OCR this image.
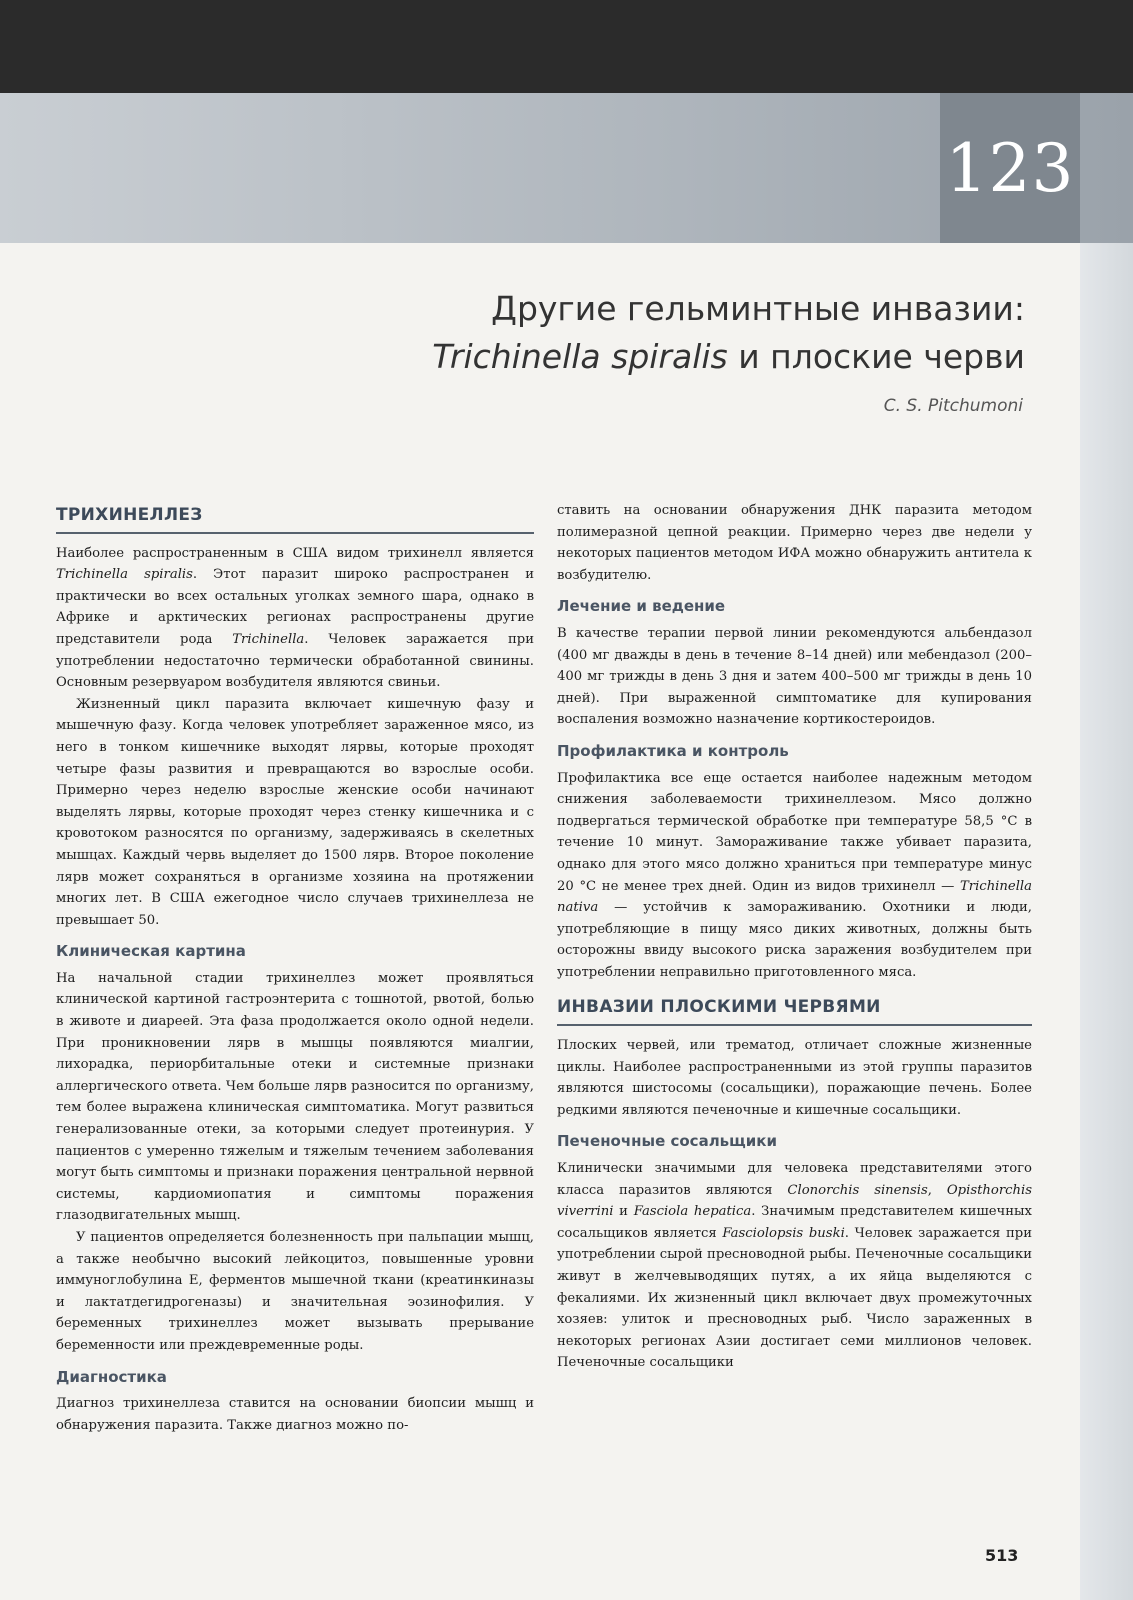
123
Другие гельминтные инвазии:
Trichinella spiralis и плоские черви
C. S. Pitchumoni
ТРИХИНЕЛЛЕЗ

Наиболее распространенным в США видом трихинелл является Trichinella spiralis. Этот паразит широко распространен и практически во всех остальных уголках земного шара, однако в Африке и арктических регионах распространены другие представители рода Trichinella. Человек заражается при употреблении недостаточно термически обработанной свинины. Основным резервуаром возбудителя являются свиньи.

Жизненный цикл паразита включает кишечную фазу и мышечную фазу. Когда человек употребляет зараженное мясо, из него в тонком кишечнике выходят лярвы, которые проходят четыре фазы развития и превращаются во взрослые особи. Примерно через неделю взрослые женские особи начинают выделять лярвы, которые проходят через стенку кишечника и с кровотоком разносятся по организму, задерживаясь в скелетных мышцах. Каждый червь выделяет до 1500 лярв. Второе поколение лярв может сохраняться в организме хозяина на протяжении многих лет. В США ежегодное число случаев трихинеллеза не превышает 50.

Клиническая картина

На начальной стадии трихинеллез может проявляться клинической картиной гастроэнтерита с тошнотой, рвотой, болью в животе и диареей. Эта фаза продолжается около одной недели. При проникновении лярв в мышцы появляются миалгии, лихорадка, периорбитальные отеки и системные признаки аллергического ответа. Чем больше лярв разносится по организму, тем более выражена клиническая симптоматика. Могут развиться генерализованные отеки, за которыми следует протеинурия. У пациентов с умеренно тяжелым и тяжелым течением заболевания могут быть симптомы и признаки поражения центральной нервной системы, кардиомиопатия и симптомы поражения глазодвигательных мышц.

У пациентов определяется болезненность при пальпации мышц, а также необычно высокий лейкоцитоз, повышенные уровни иммуноглобулина E, ферментов мышечной ткани (креатинкиназы и лактатдегидрогеназы) и значительная эозинофилия. У беременных трихинеллез может вызывать прерывание беременности или преждевременные роды.

Диагностика

Диагноз трихинеллеза ставится на основании биопсии мышц и обнаружения паразита. Также диагноз можно по-

ставить на основании обнаружения ДНК паразита методом полимеразной цепной реакции. Примерно через две недели у некоторых пациентов методом ИФА можно обнаружить антитела к возбудителю.

Лечение и ведение

В качестве терапии первой линии рекомендуются альбендазол (400 мг дважды в день в течение 8–14 дней) или мебендазол (200–400 мг трижды в день 3 дня и затем 400–500 мг трижды в день 10 дней). При выраженной симптоматике для купирования воспаления возможно назначение кортикостероидов.

Профилактика и контроль

Профилактика все еще остается наиболее надежным методом снижения заболеваемости трихинеллезом. Мясо должно подвергаться термической обработке при температуре 58,5 °C в течение 10 минут. Замораживание также убивает паразита, однако для этого мясо должно храниться при температуре минус 20 °C не менее трех дней. Один из видов трихинелл — Trichinella nativa — устойчив к замораживанию. Охотники и люди, употребляющие в пищу мясо диких животных, должны быть осторожны ввиду высокого риска заражения возбудителем при употреблении неправильно приготовленного мяса.

ИНВАЗИИ ПЛОСКИМИ ЧЕРВЯМИ

Плоских червей, или трематод, отличает сложные жизненные циклы. Наиболее распространенными из этой группы паразитов являются шистосомы (сосальщики), поражающие печень. Более редкими являются печеночные и кишечные сосальщики.

Печеночные сосальщики

Клинически значимыми для человека представителями этого класса паразитов являются Clonorchis sinensis, Opisthorchis viverrini и Fasciola hepatica. Значимым представителем кишечных сосальщиков является Fasciolopsis buski. Человек заражается при употреблении сырой пресноводной рыбы. Печеночные сосальщики живут в желчевыводящих путях, а их яйца выделяются с фекалиями. Их жизненный цикл включает двух промежуточных хозяев: улиток и пресноводных рыб. Число зараженных в некоторых регионах Азии достигает семи миллионов человек. Печеночные сосальщики

513
